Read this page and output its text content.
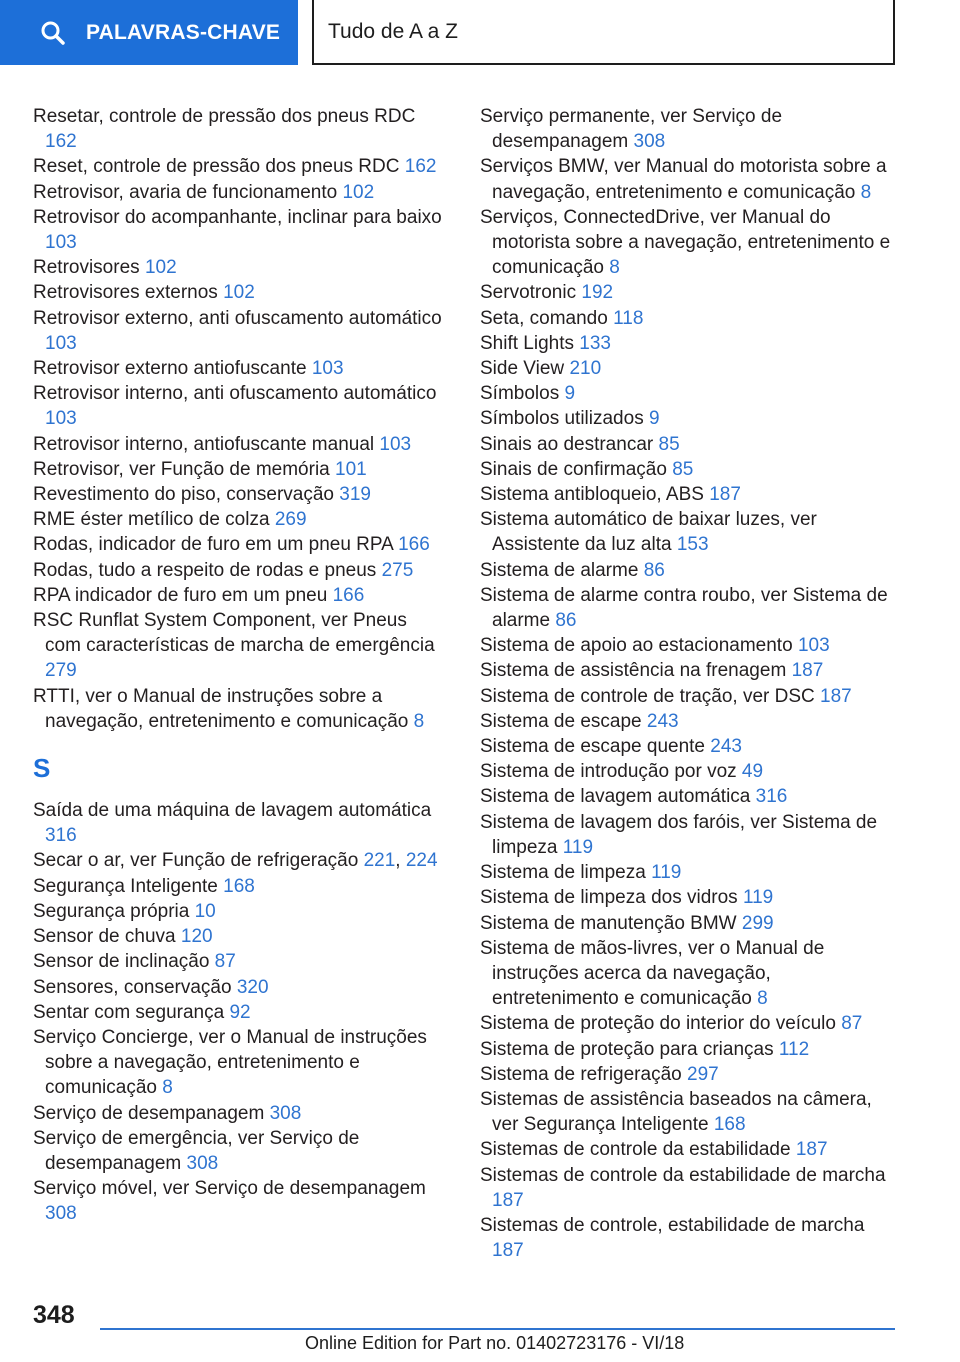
PALAVRAS-CHAVE Tudo de A a Z
Resetar, controle de pressão dos pneus RDC 162
Reset, controle de pressão dos pneus RDC 162
Retrovisor, avaria de funcionamento 102
Retrovisor do acompanhante, inclinar para baixo 103
Retrovisores 102
Retrovisores externos 102
Retrovisor externo, anti ofuscamento automático 103
Retrovisor externo antiofuscante 103
Retrovisor interno, anti ofuscamento automático 103
Retrovisor interno, antiofuscante manual 103
Retrovisor, ver Função de memória 101
Revestimento do piso, conservação 319
RME éster metílico de colza 269
Rodas, indicador de furo em um pneu RPA 166
Rodas, tudo a respeito de rodas e pneus 275
RPA indicador de furo em um pneu 166
RSC Runflat System Component, ver Pneus com características de marcha de emergência 279
RTTI, ver o Manual de instruções sobre a navegação, entretenimento e comunicação 8
S
Saída de uma máquina de lavagem automática 316
Secar o ar, ver Função de refrigeração 221, 224
Segurança Inteligente 168
Segurança própria 10
Sensor de chuva 120
Sensor de inclinação 87
Sensores, conservação 320
Sentar com segurança 92
Serviço Concierge, ver o Manual de instruções sobre a navegação, entretenimento e comunicação 8
Serviço de desempanagem 308
Serviço de emergência, ver Serviço de desempanagem 308
Serviço móvel, ver Serviço de desempanagem 308
Serviço permanente, ver Serviço de desempanagem 308
Serviços BMW, ver Manual do motorista sobre a navegação, entretenimento e comunicação 8
Serviços, ConnectedDrive, ver Manual do motorista sobre a navegação, entretenimento e comunicação 8
Servotronic 192
Seta, comando 118
Shift Lights 133
Side View 210
Símbolos 9
Símbolos utilizados 9
Sinais ao destrancar 85
Sinais de confirmação 85
Sistema antibloqueio, ABS 187
Sistema automático de baixar luzes, ver Assistente da luz alta 153
Sistema de alarme 86
Sistema de alarme contra roubo, ver Sistema de alarme 86
Sistema de apoio ao estacionamento 103
Sistema de assistência na frenagem 187
Sistema de controle de tração, ver DSC 187
Sistema de escape 243
Sistema de escape quente 243
Sistema de introdução por voz 49
Sistema de lavagem automática 316
Sistema de lavagem dos faróis, ver Sistema de limpeza 119
Sistema de limpeza 119
Sistema de limpeza dos vidros 119
Sistema de manutenção BMW 299
Sistema de mãos-livres, ver o Manual de instruções acerca da navegação, entretenimento e comunicação 8
Sistema de proteção do interior do veículo 87
Sistema de proteção para crianças 112
Sistema de refrigeração 297
Sistemas de assistência baseados na câmera, ver Segurança Inteligente 168
Sistemas de controle da estabilidade 187
Sistemas de controle da estabilidade de marcha 187
Sistemas de controle, estabilidade de marcha 187
348
Online Edition for Part no. 01402723176 - VI/18
